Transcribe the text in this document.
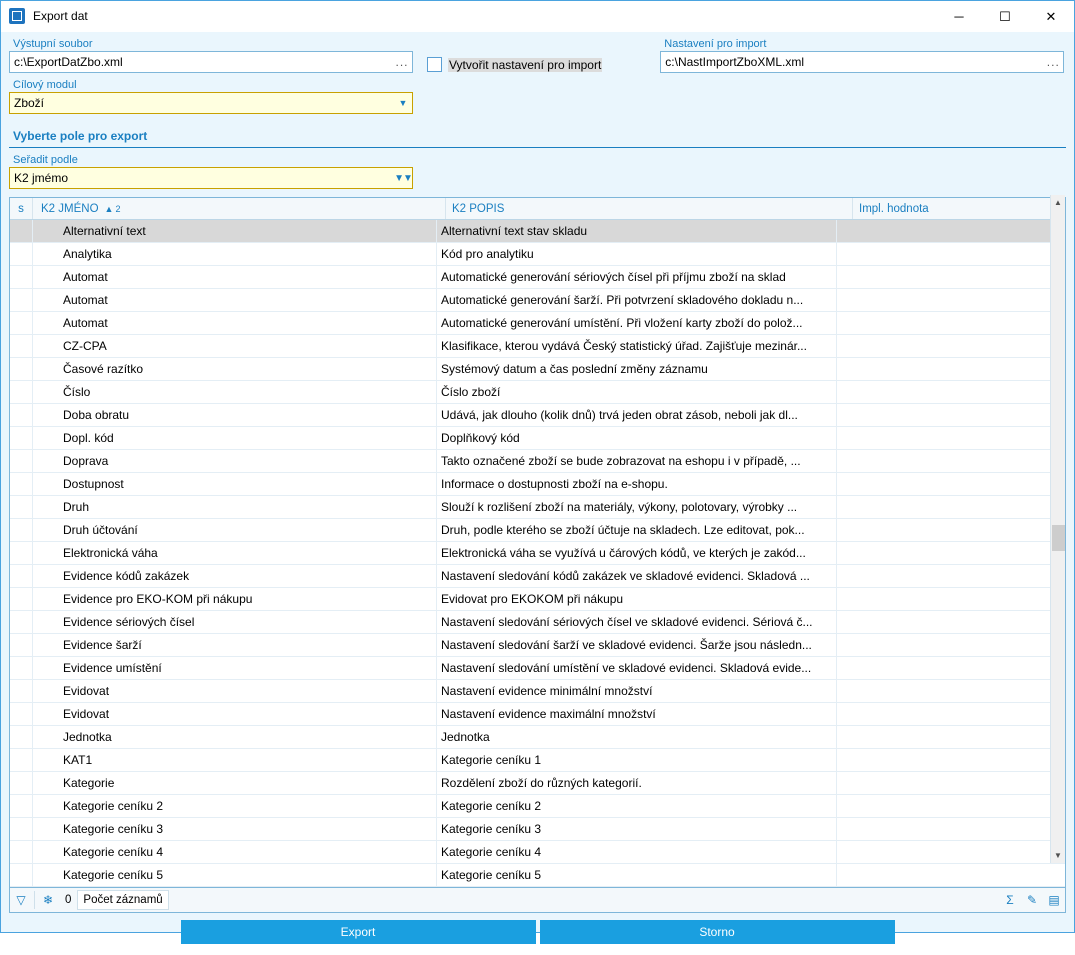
Export dat	─	☐	✕
Výstupní soubor
c:\ExportDatZbo.xml	...	Vytvořit nastavení pro import
Nastavení pro import
c:\NastImportZboXML.xml	...
Cílový modul
Zboží	▼
Vyberte pole pro export
Seřadit podle
K2 jmémo	▼▼
s	K2 JMÉNO ▲ 2	K2 POPIS	Impl. hodnota
Alternativní text	Alternativní text stav skladu
Analytika	Kód pro analytiku
Automat	Automatické generování sériových čísel při příjmu zboží na sklad
Automat	Automatické generování šarží. Při potvrzení skladového dokladu n...
Automat	Automatické generování umístění. Při vložení karty zboží do polož...
CZ-CPA	Klasifikace, kterou vydává Český statistický úřad. Zajišťuje mezinár...
Časové razítko	Systémový datum a čas poslední změny záznamu
Číslo	Číslo zboží
Doba obratu	Udává, jak dlouho (kolik dnů) trvá jeden obrat zásob, neboli jak dl...
Dopl. kód	Doplňkový kód
Doprava	Takto označené zboží se bude zobrazovat na eshopu i v případě, ...
Dostupnost	Informace o dostupnosti zboží na e-shopu.
Druh	Slouží k rozlišení zboží na materiály, výkony, polotovary, výrobky ...
Druh účtování	Druh, podle kterého se zboží účtuje na skladech. Lze editovat, pok...
Elektronická váha	Elektronická váha se využívá u čárových kódů, ve kterých je zakód...
Evidence kódů zakázek	Nastavení sledování kódů zakázek ve skladové evidenci. Skladová ...
Evidence pro EKO-KOM při nákupu	Evidovat pro EKOKOM při nákupu
Evidence sériových čísel	Nastavení sledování sériových čísel ve skladové evidenci. Sériová č...
Evidence šarží	Nastavení sledování šarží ve skladové evidenci. Šarže jsou následn...
Evidence umístění	Nastavení sledování umístění ve skladové evidenci. Skladová evide...
Evidovat	Nastavení evidence minimální množství
Evidovat	Nastavení evidence maximální množství
Jednotka	Jednotka
KAT1	Kategorie ceníku 1
Kategorie	Rozdělení zboží do různých kategorií.
Kategorie ceníku 2	Kategorie ceníku 2
Kategorie ceníku 3	Kategorie ceníku 3
Kategorie ceníku 4	Kategorie ceníku 4
Kategorie ceníku 5	Kategorie ceníku 5
▲
▼
▽	❄	0	Počet záznamů	Σ	✎ ▤
Export	Storno
